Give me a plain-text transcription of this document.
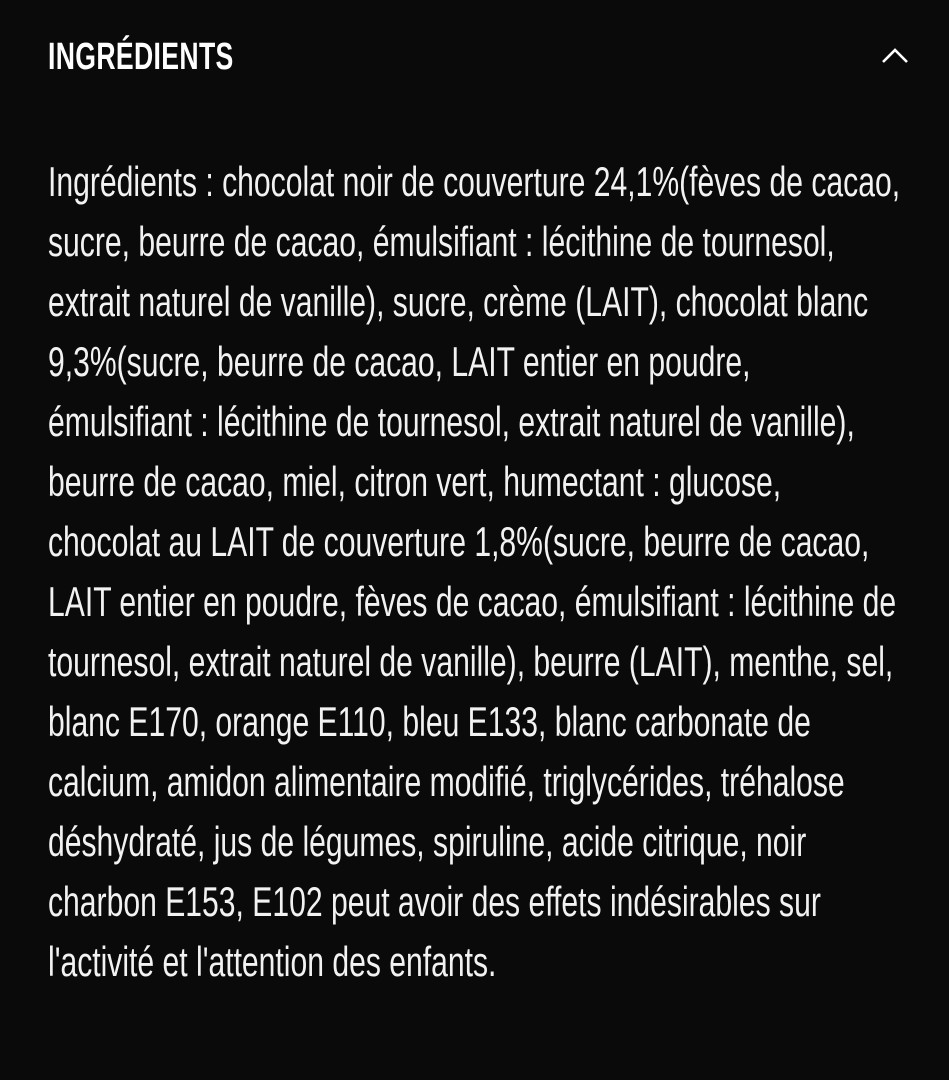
INGRÉDIENTS

Ingrédients : chocolat noir de couverture 24,1%(fèves de cacao, sucre, beurre de cacao, émulsifiant : lécithine de tournesol, extrait naturel de vanille), sucre, crème (LAIT), chocolat blanc 9,3%(sucre, beurre de cacao, LAIT entier en poudre, émulsifiant : lécithine de tournesol, extrait naturel de vanille), beurre de cacao, miel, citron vert, humectant : glucose, chocolat au LAIT de couverture 1,8%(sucre, beurre de cacao, LAIT entier en poudre, fèves de cacao, émulsifiant : lécithine de tournesol, extrait naturel de vanille), beurre (LAIT), menthe, sel, blanc E170, orange E110, bleu E133, blanc carbonate de calcium, amidon alimentaire modifié, triglycérides, tréhalose déshydraté, jus de légumes, spiruline, acide citrique, noir charbon E153, E102 peut avoir des effets indésirables sur l'activité et l'attention des enfants.
